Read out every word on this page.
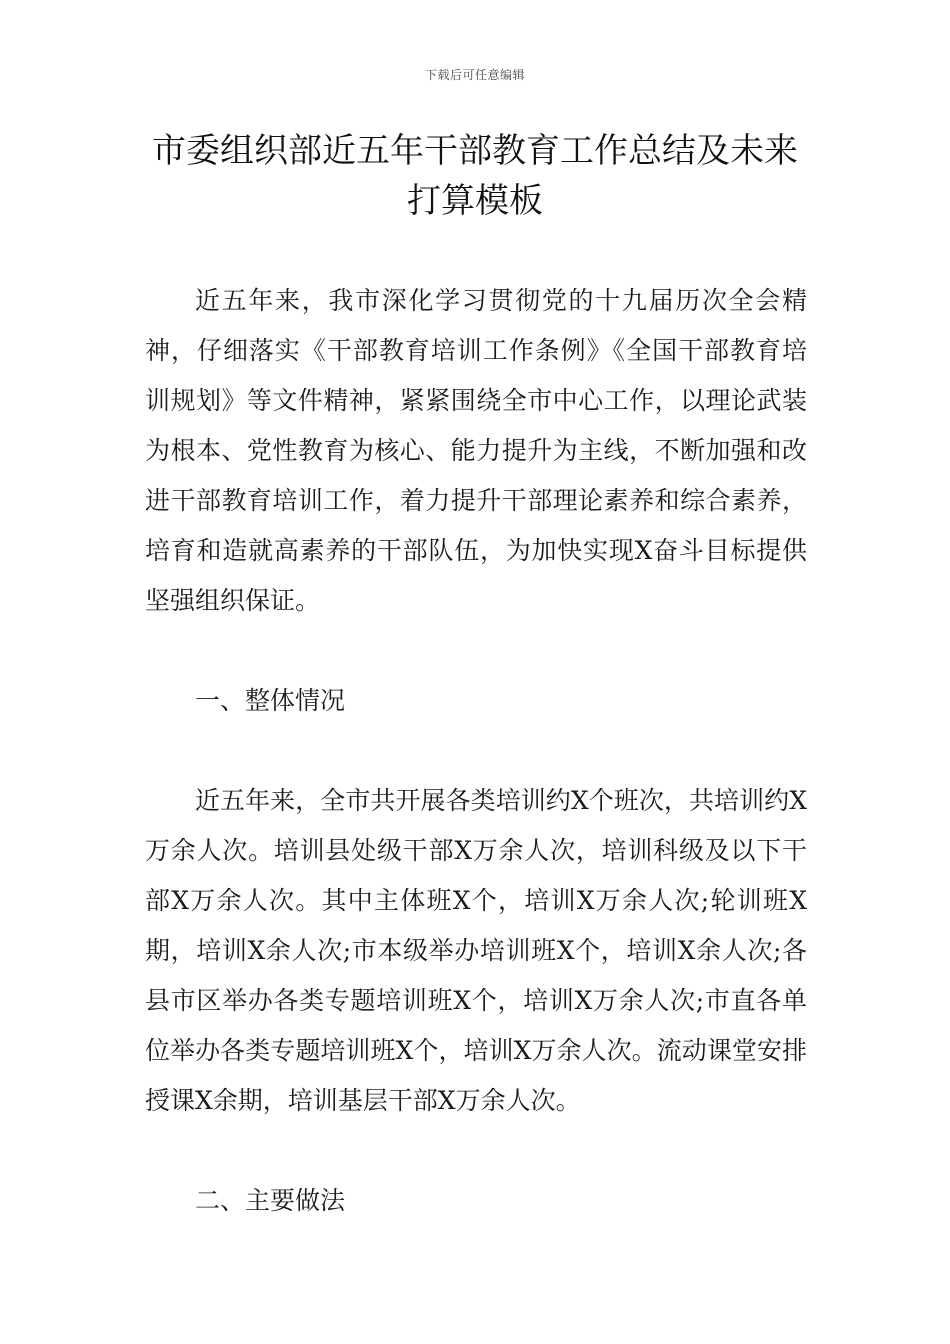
下载后可任意编辑
市委组织部近五年干部教育工作总结及未来打算模板

近五年来，我市深化学习贯彻党的十九届历次全会精神，仔细落实《干部教育培训工作条例》《全国干部教育培训规划》等文件精神，紧紧围绕全市中心工作，以理论武装为根本、党性教育为核心、能力提升为主线，不断加强和改进干部教育培训工作，着力提升干部理论素养和综合素养，培育和造就高素养的干部队伍，为加快实现X奋斗目标提供坚强组织保证。

一、整体情况

近五年来，全市共开展各类培训约X个班次，共培训约X万余人次。培训县处级干部X万余人次，培训科级及以下干部X万余人次。其中主体班X个，培训X万余人次;轮训班X期，培训X余人次;市本级举办培训班X个，培训X余人次;各县市区举办各类专题培训班X个，培训X万余人次;市直各单位举办各类专题培训班X个，培训X万余人次。流动课堂安排授课X余期，培训基层干部X万余人次。

二、主要做法
